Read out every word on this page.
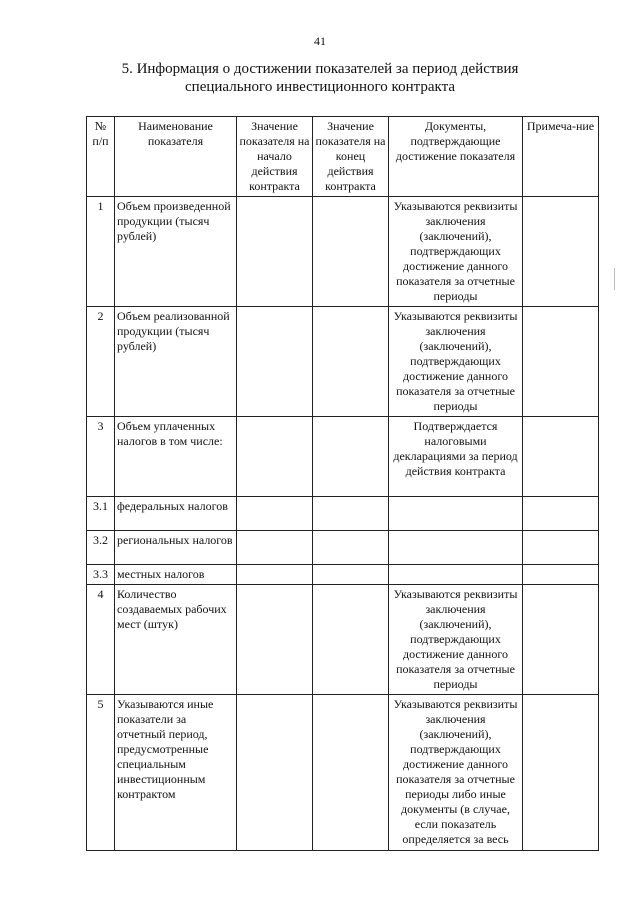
41
5. Информация о достижении показателей за период действия
специального инвестиционного контракта
№ п/п	Наименование показателя	Значение показателя на начало действия контракта	Значение показателя на конец действия контракта	Документы, подтверждающие достижение показателя	Примеча-ние
1	Объем произведенной продукции (тысяч рублей)			Указываются реквизиты заключения (заключений), подтверждающих достижение данного показателя за отчетные периоды	
2	Объем реализованной продукции (тысяч рублей)			Указываются реквизиты заключения (заключений), подтверждающих достижение данного показателя за отчетные периоды	
3	Объем уплаченных налогов в том числе:			Подтверждается налоговыми декларациями за период действия контракта	
3.1	федеральных налогов				
3.2	региональных налогов				
3.3	местных налогов				
4	Количество создаваемых рабочих мест (штук)			Указываются реквизиты заключения (заключений), подтверждающих достижение данного показателя за отчетные периоды	
5	Указываются иные показатели за отчетный период, предусмотренные специальным инвестиционным контрактом			Указываются реквизиты заключения (заключений), подтверждающих достижение данного показателя за отчетные периоды либо иные документы (в случае, если показатель определяется за весь	
